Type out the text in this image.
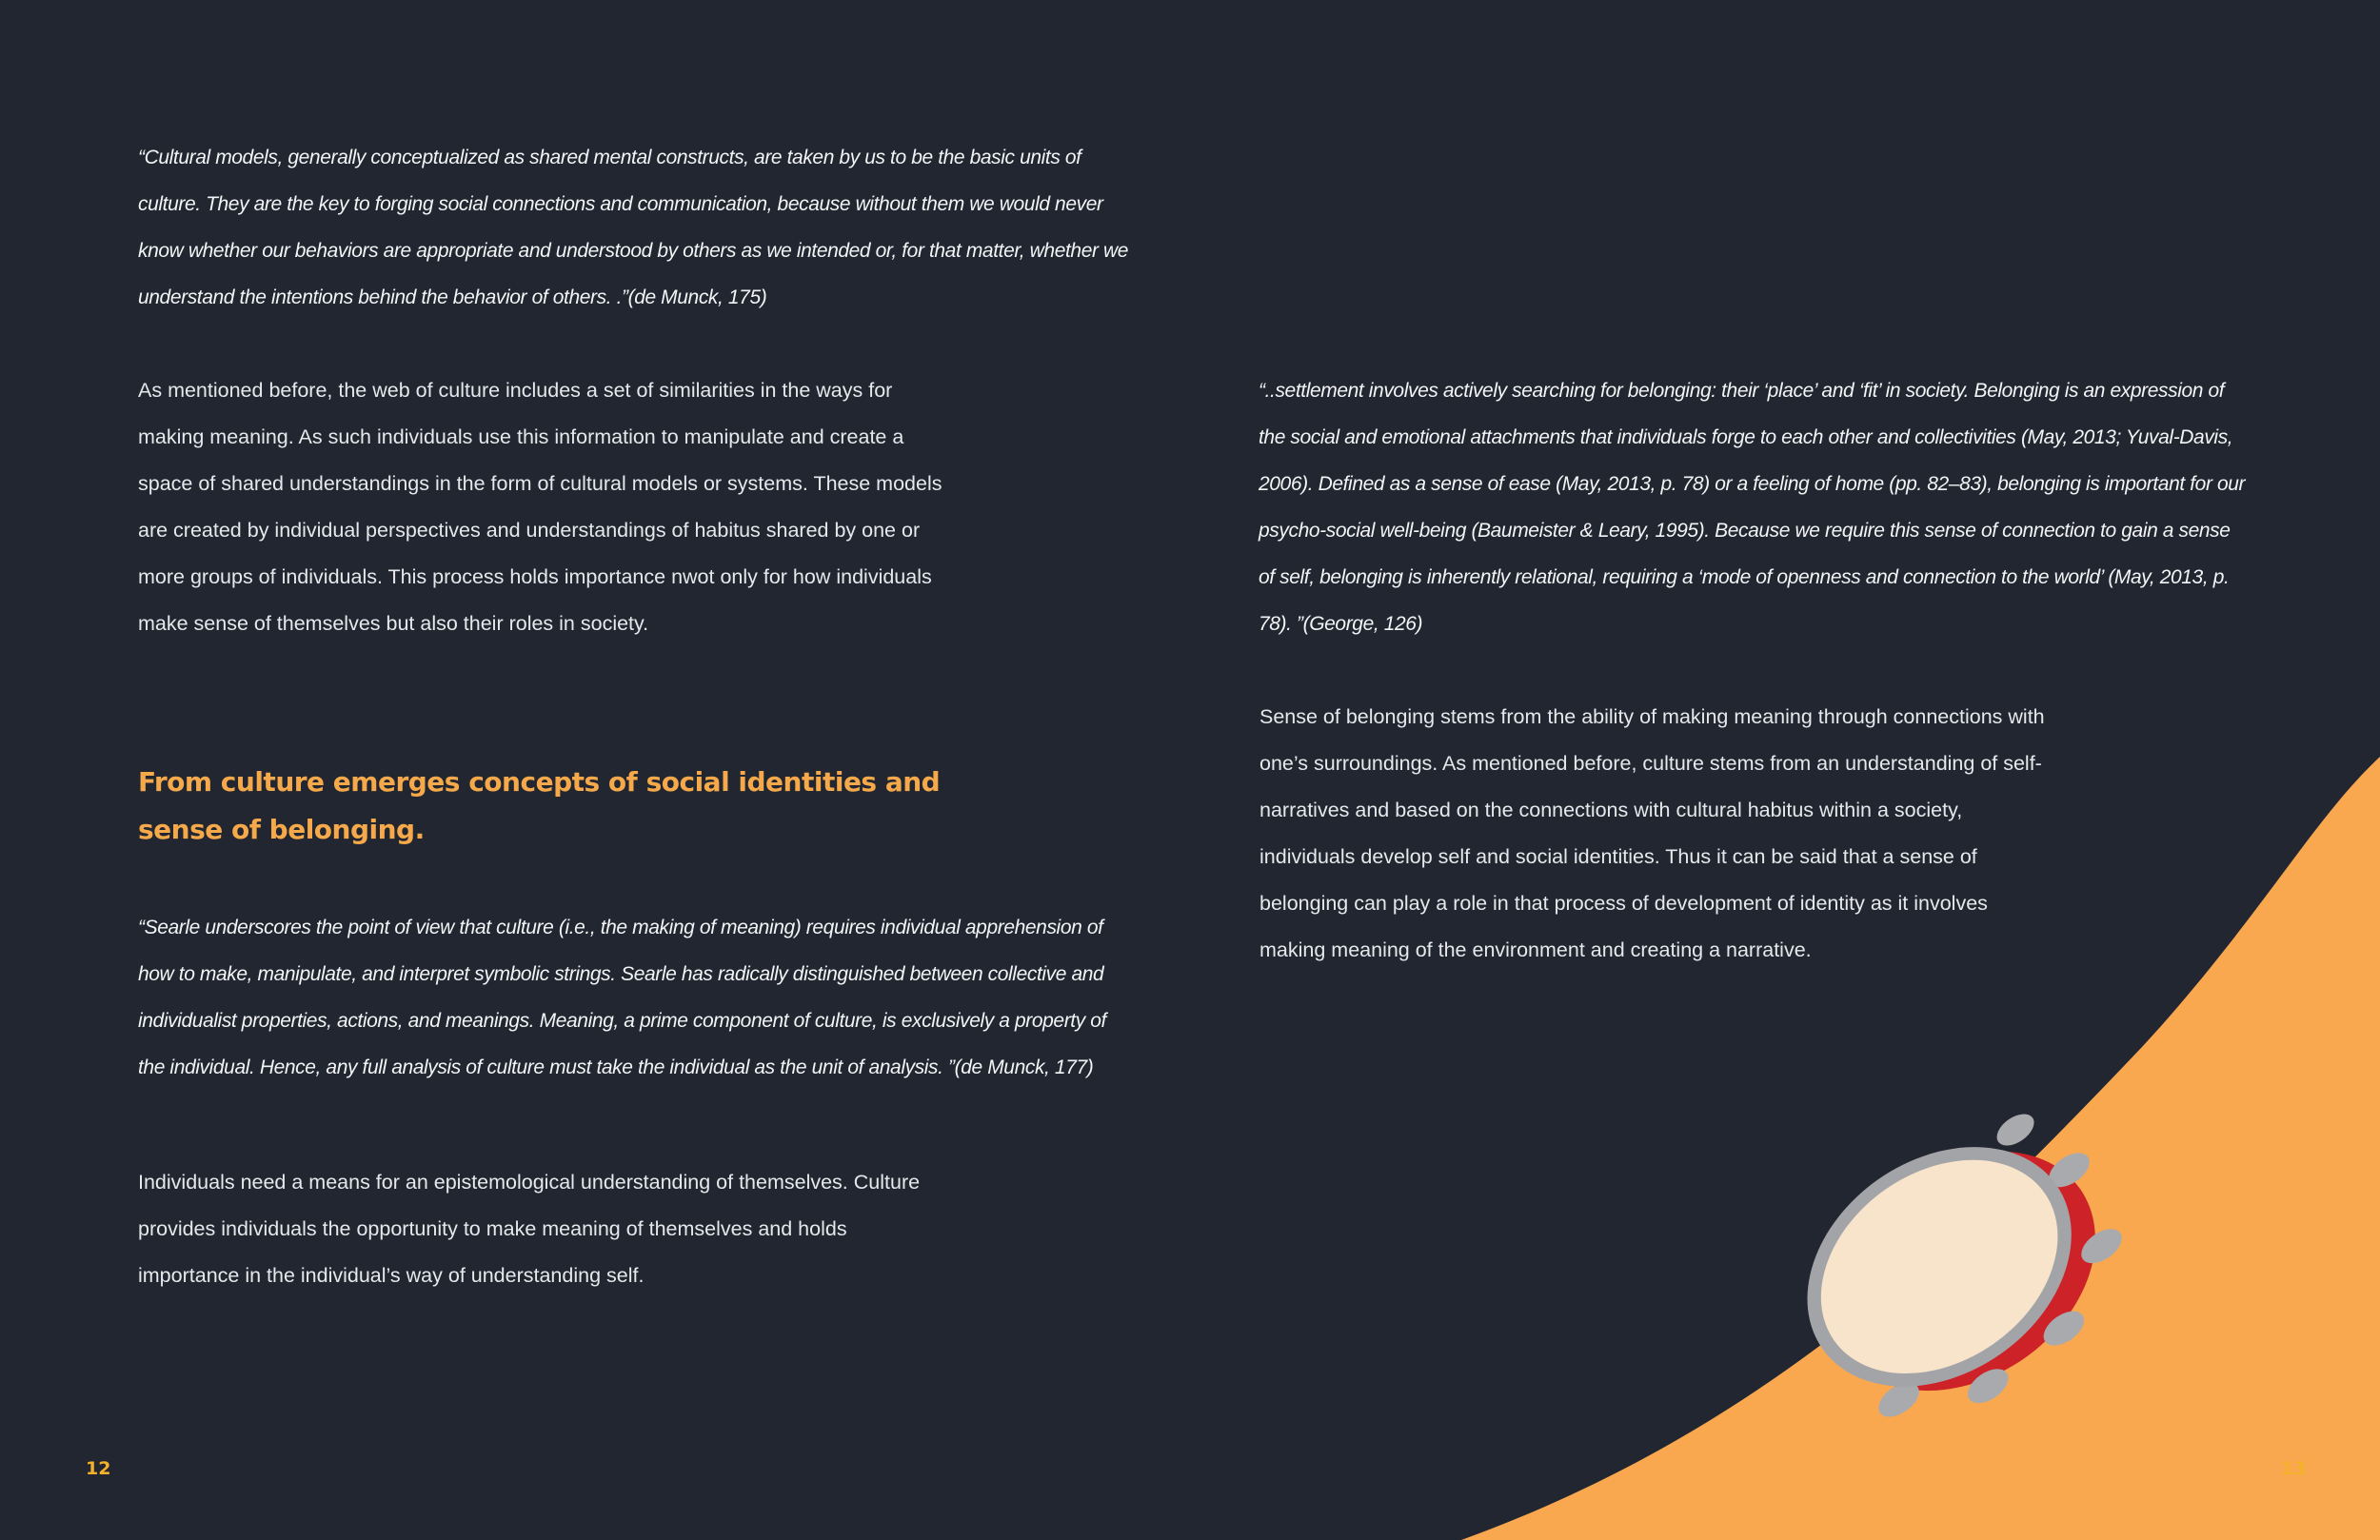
“Cultural models, generally conceptualized as shared mental constructs, are taken by us to be the basic units of culture. They are the key to forging social connections and communication, because without them we would never know whether our behaviors are appropriate and understood by others as we intended or, for that matter, whether we understand the intentions behind the behavior of others. .”(de Munck, 175)

As mentioned before, the web of culture includes a set of similarities in the ways for making meaning. As such individuals use this information to manipulate and create a space of shared understandings in the form of cultural models or systems. These models are created by individual perspectives and understandings of habitus shared by one or more groups of individuals. This process holds importance nwot only for how individuals make sense of themselves but also their roles in society.

From culture emerges concepts of social identities and sense of belonging.

“Searle underscores the point of view that culture (i.e., the making of meaning) requires individual apprehension of how to make, manipulate, and interpret symbolic strings. Searle has radically distinguished between collective and individualist properties, actions, and meanings. Meaning, a prime component of culture, is exclusively a property of the individual. Hence, any full analysis of culture must take the individual as the unit of analysis. ”(de Munck, 177)

Individuals need a means for an epistemological understanding of themselves. Culture provides individuals the opportunity to make meaning of themselves and holds importance in the individual’s way of understanding self.

12

“..settlement involves actively searching for belonging: their ‘place’ and ‘fit’ in society. Belonging is an expression of the social and emotional attachments that individuals forge to each other and collectivities (May, 2013; Yuval-Davis, 2006). Defined as a sense of ease (May, 2013, p. 78) or a feeling of home (pp. 82–83), belonging is important for our psycho-social well-being (Baumeister & Leary, 1995). Because we require this sense of connection to gain a sense of self, belonging is inherently relational, requiring a ‘mode of openness and connection to the world’ (May, 2013, p. 78). ”(George, 126)

Sense of belonging stems from the ability of making meaning through connections with one’s surroundings. As mentioned before, culture stems from an understanding of self- narratives and based on the connections with cultural habitus within a society, individuals develop self and social identities. Thus it can be said that a sense of belonging can play a role in that process of development of identity as it involves making meaning of the environment and creating a narrative.

13
